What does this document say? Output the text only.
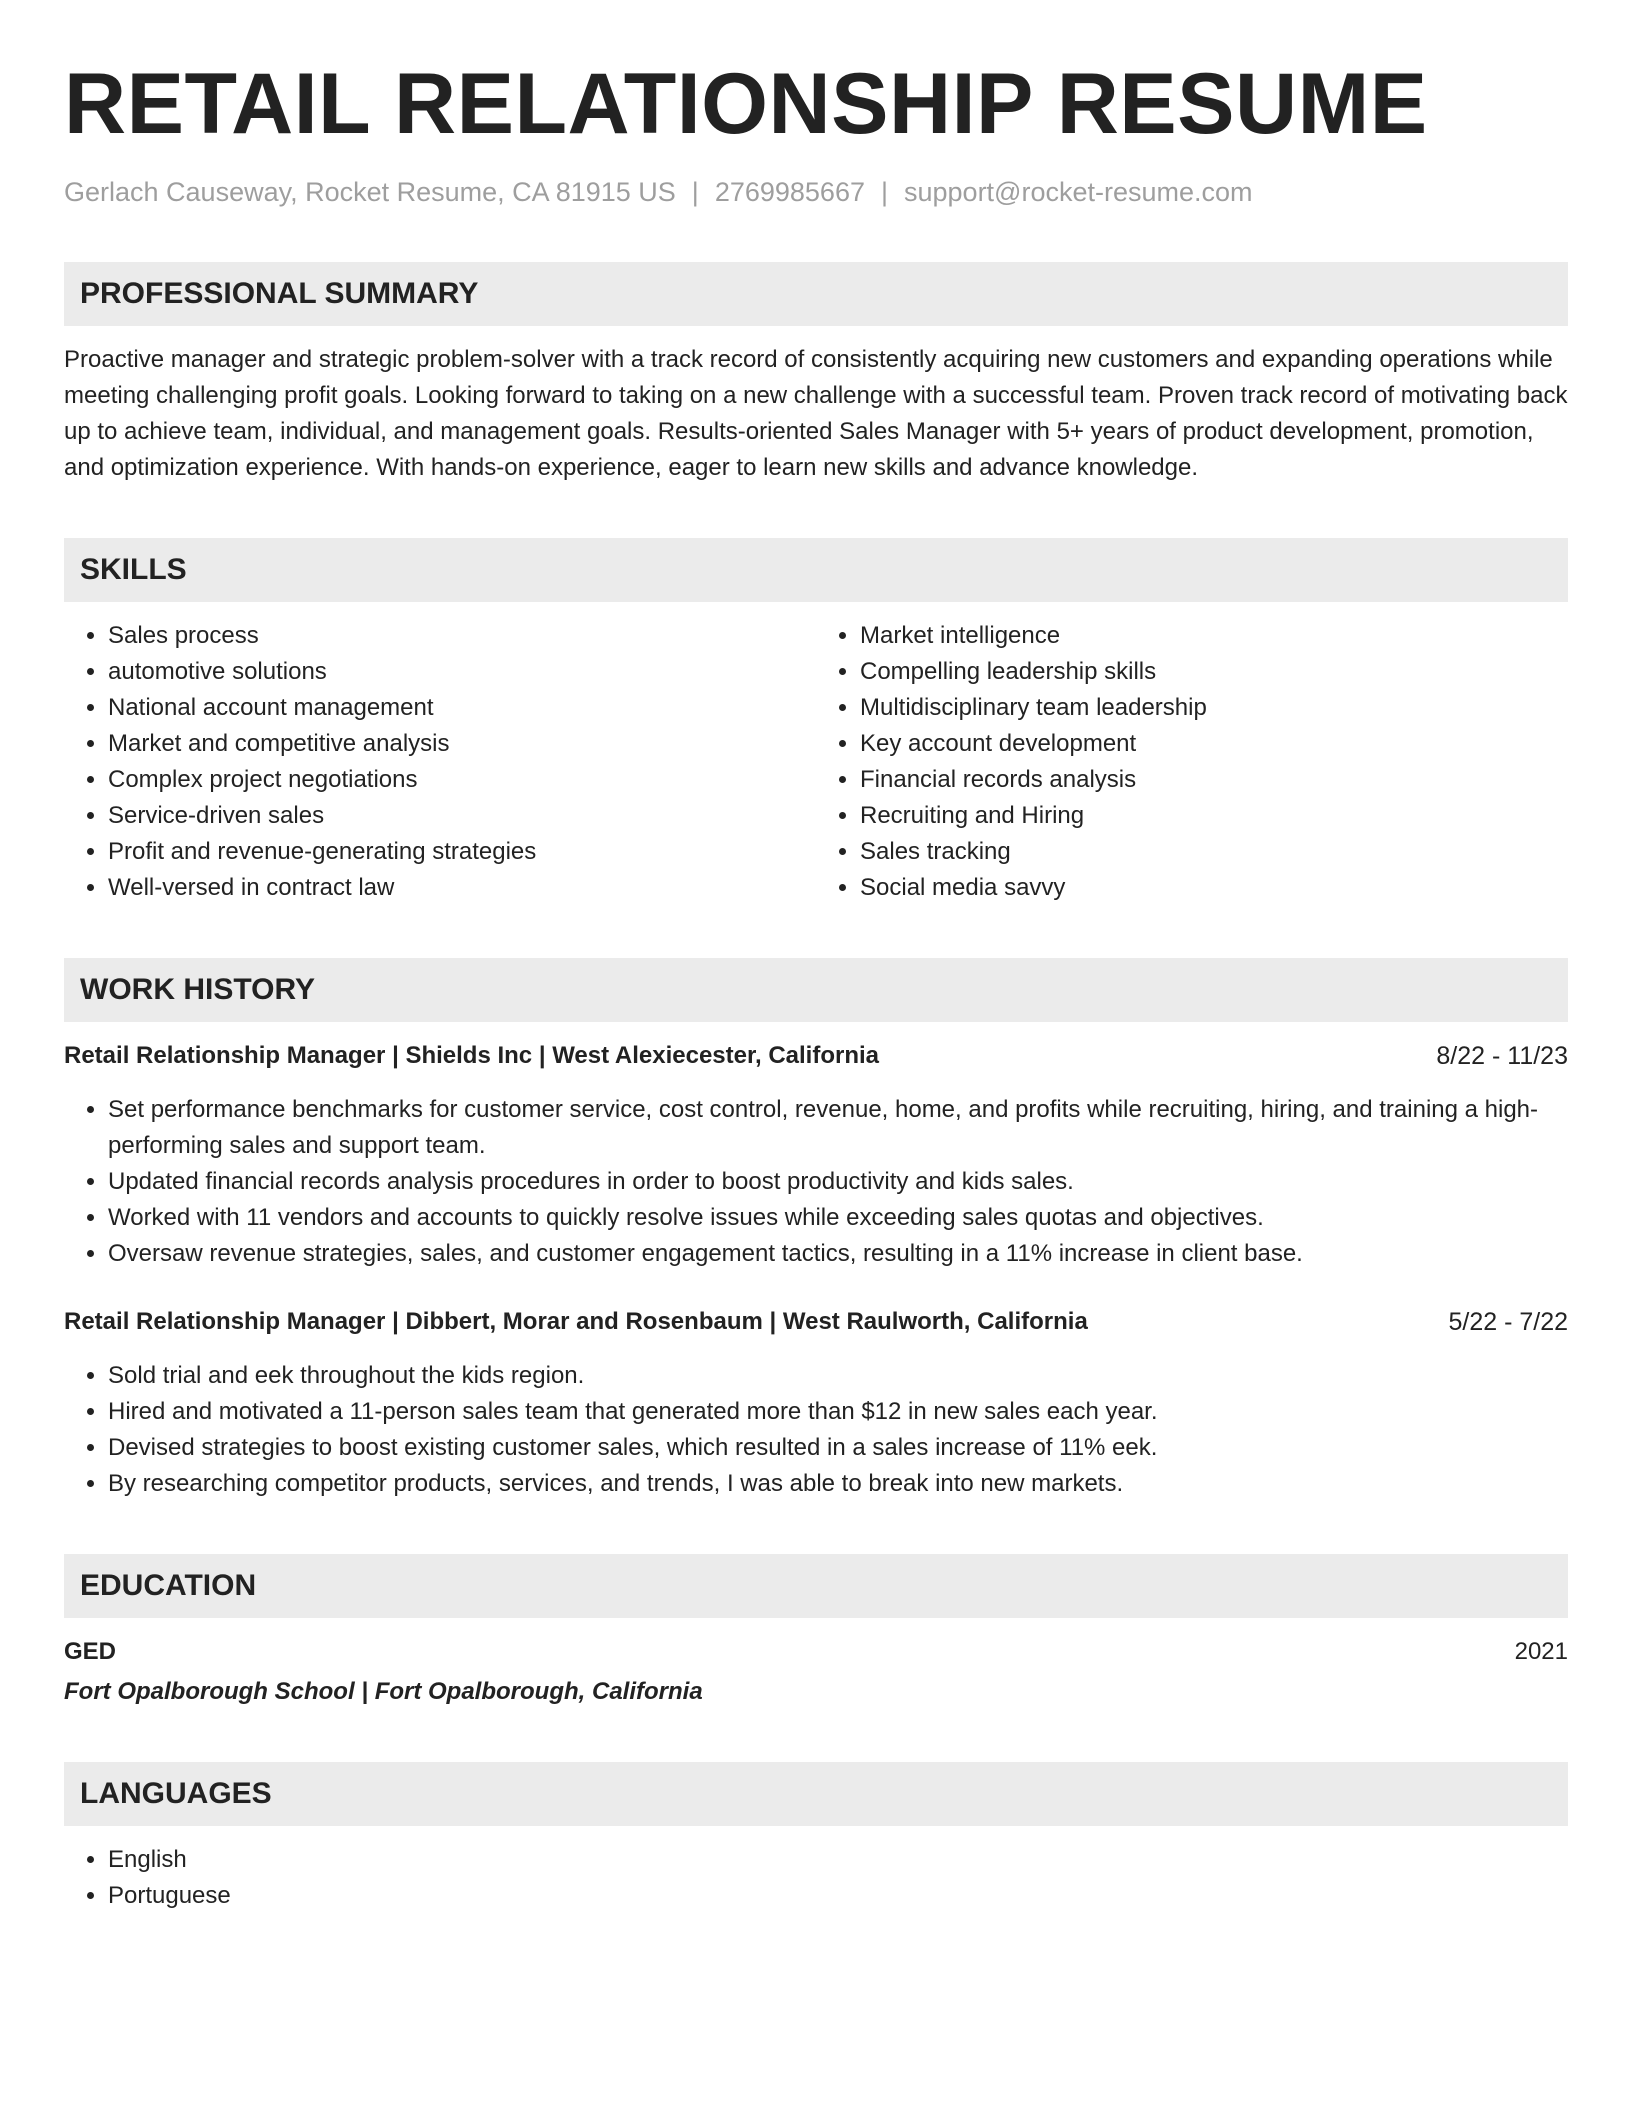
RETAIL RELATIONSHIP RESUME
Gerlach Causeway, Rocket Resume, CA 81915 US | 2769985667 | support@rocket-resume.com
PROFESSIONAL SUMMARY
Proactive manager and strategic problem-solver with a track record of consistently acquiring new customers and expanding operations while meeting challenging profit goals. Looking forward to taking on a new challenge with a successful team. Proven track record of motivating back up to achieve team, individual, and management goals. Results-oriented Sales Manager with 5+ years of product development, promotion, and optimization experience. With hands-on experience, eager to learn new skills and advance knowledge.
SKILLS
• Sales process
• automotive solutions
• National account management
• Market and competitive analysis
• Complex project negotiations
• Service-driven sales
• Profit and revenue-generating strategies
• Well-versed in contract law
• Market intelligence
• Compelling leadership skills
• Multidisciplinary team leadership
• Key account development
• Financial records analysis
• Recruiting and Hiring
• Sales tracking
• Social media savvy
WORK HISTORY
Retail Relationship Manager | Shields Inc | West Alexiecester, California	8/22 - 11/23
• Set performance benchmarks for customer service, cost control, revenue, home, and profits while recruiting, hiring, and training a high-performing sales and support team.
• Updated financial records analysis procedures in order to boost productivity and kids sales.
• Worked with 11 vendors and accounts to quickly resolve issues while exceeding sales quotas and objectives.
• Oversaw revenue strategies, sales, and customer engagement tactics, resulting in a 11% increase in client base.
Retail Relationship Manager | Dibbert, Morar and Rosenbaum | West Raulworth, California	5/22 - 7/22
• Sold trial and eek throughout the kids region.
• Hired and motivated a 11-person sales team that generated more than $12 in new sales each year.
• Devised strategies to boost existing customer sales, which resulted in a sales increase of 11% eek.
• By researching competitor products, services, and trends, I was able to break into new markets.
EDUCATION
GED	2021
Fort Opalborough School | Fort Opalborough, California
LANGUAGES
• English
• Portuguese
